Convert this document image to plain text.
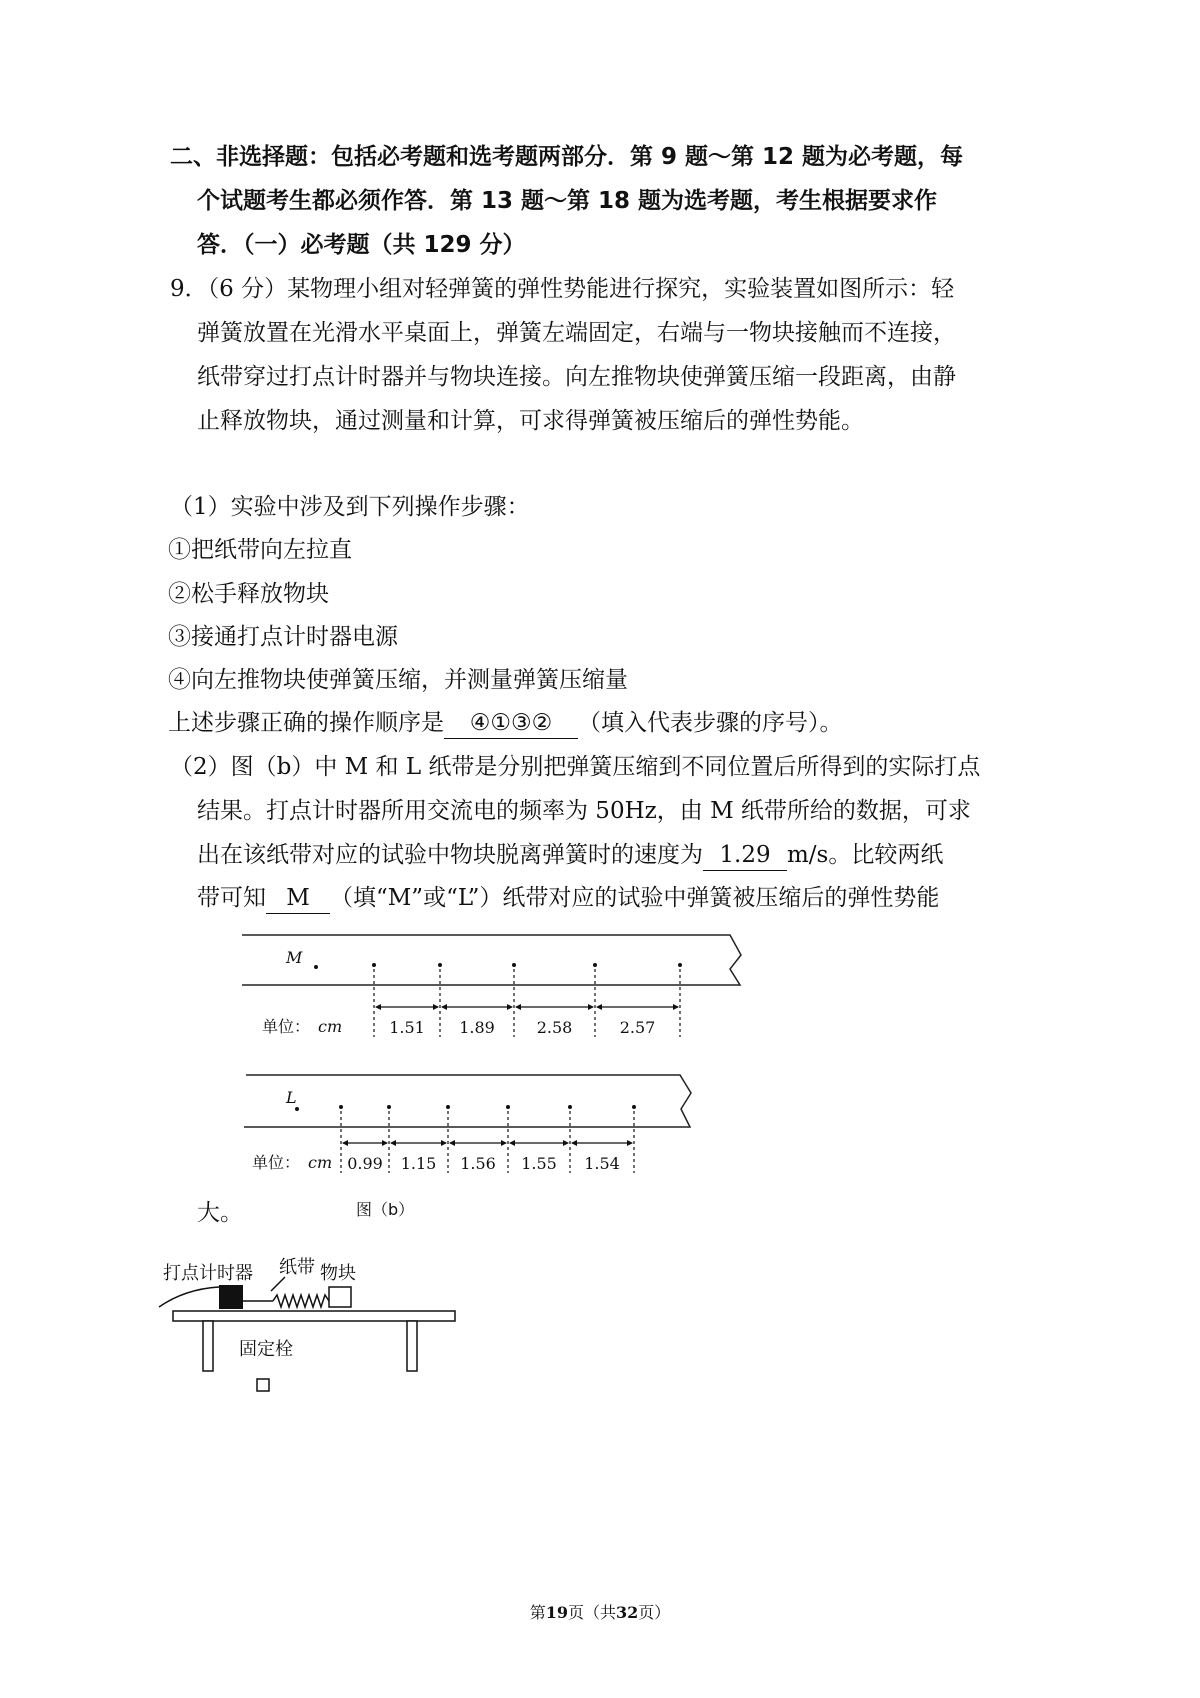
二、非选择题：包括必考题和选考题两部分．第 9 题～第 12 题为必考题，每
个试题考生都必须作答．第 13 题～第 18 题为选考题，考生根据要求作
答．（一）必考题（共 129 分）
9．（6 分）某物理小组对轻弹簧的弹性势能进行探究，实验装置如图所示：轻
弹簧放置在光滑水平桌面上，弹簧左端固定，右端与一物块接触而不连接，
纸带穿过打点计时器并与物块连接。向左推物块使弹簧压缩一段距离，由静
止释放物块，通过测量和计算，可求得弹簧被压缩后的弹性势能。
（1）实验中涉及到下列操作步骤：
①把纸带向左拉直
②松手释放物块
③接通打点计时器电源
④向左推物块使弹簧压缩，并测量弹簧压缩量
上述步骤正确的操作顺序是 ④①③② （填入代表步骤的序号）。
（2）图（b）中 M 和 L 纸带是分别把弹簧压缩到不同位置后所得到的实际打点
结果。打点计时器所用交流电的频率为 50Hz，由 M 纸带所给的数据，可求
出在该纸带对应的试验中物块脱离弹簧时的速度为 1.29 m/s。比较两纸
带可知 M （填“M”或“L”）纸带对应的试验中弹簧被压缩后的弹性势能
大。
M
L
1.51 1.89	2.58	2.57
0.99 1.15 1.56 1.55 1.54
单位： cm
单位： cm
图（b）
打点计时器 纸带 物块
固定栓
第19页（共32页）
